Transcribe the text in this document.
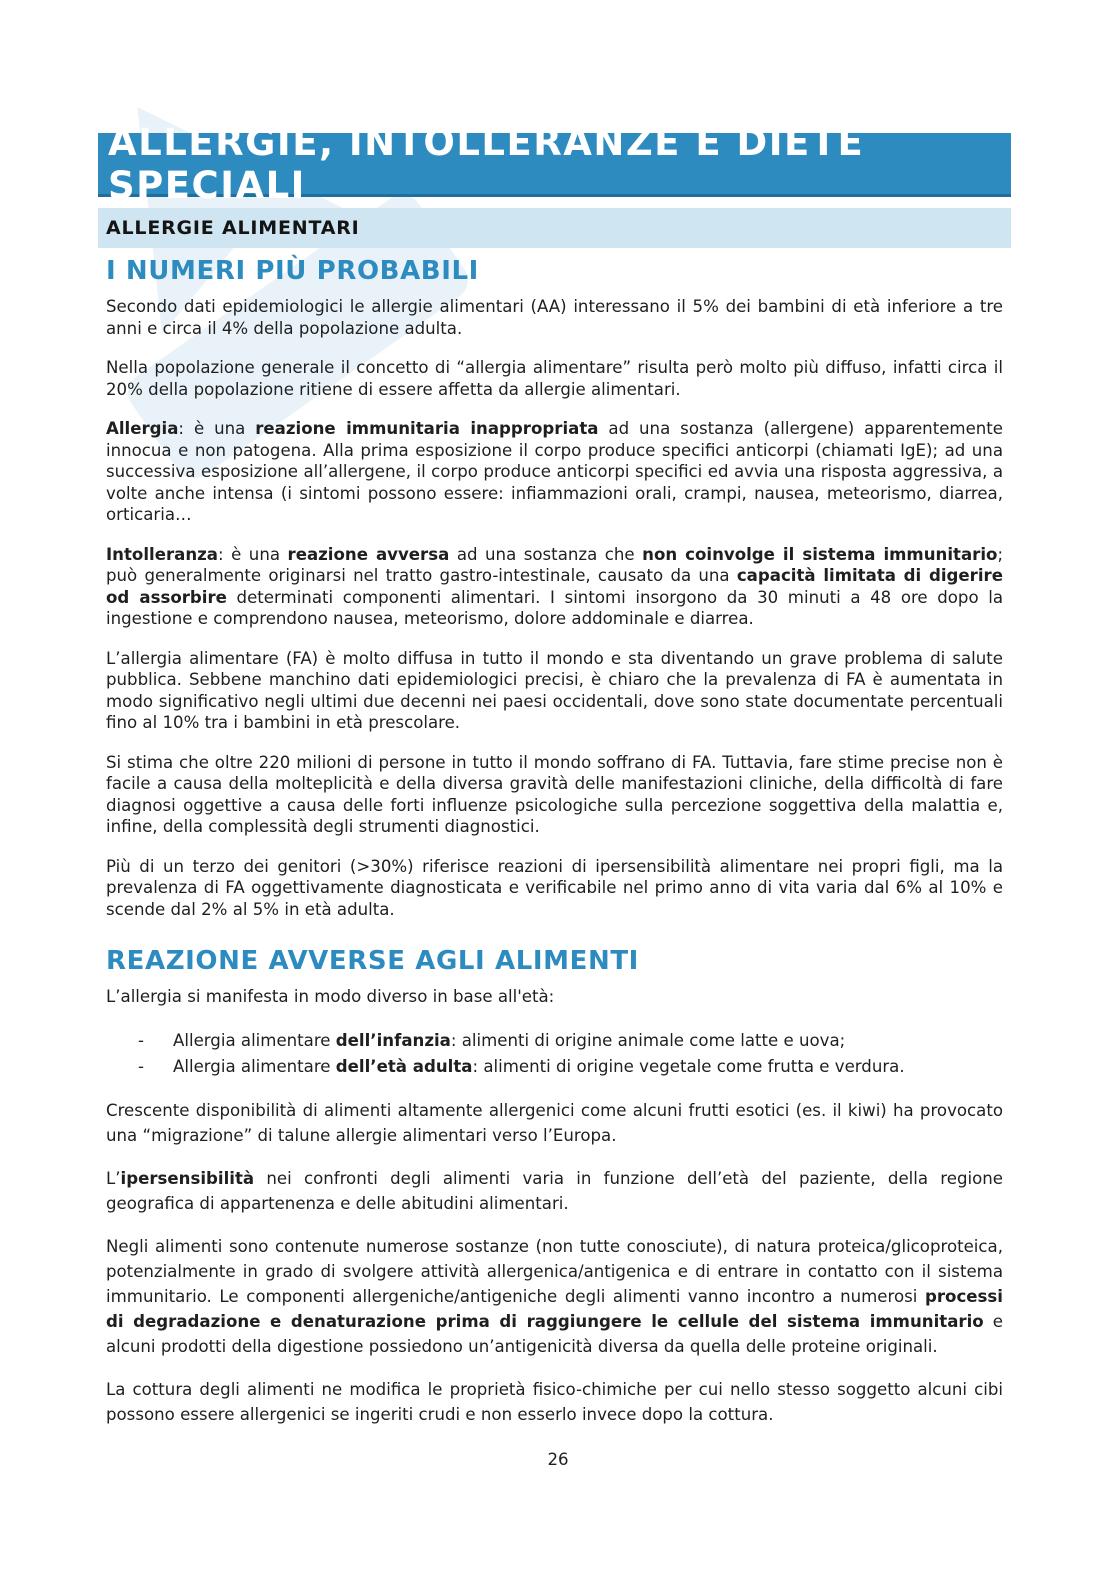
ALLERGIE, INTOLLERANZE E DIETE SPECIALI
ALLERGIE ALIMENTARI
I NUMERI PIÙ PROBABILI

Secondo dati epidemiologici le allergie alimentari (AA) interessano il 5% dei bambini di età inferiore a tre anni e circa il 4% della popolazione adulta.

Nella popolazione generale il concetto di “allergia alimentare” risulta però molto più diffuso, infatti circa il 20% della popolazione ritiene di essere affetta da allergie alimentari.

Allergia: è una reazione immunitaria inappropriata ad una sostanza (allergene) apparentemente innocua e non patogena. Alla prima esposizione il corpo produce specifici anticorpi (chiamati IgE); ad una successiva esposizione all’allergene, il corpo produce anticorpi specifici ed avvia una risposta aggressiva, a volte anche intensa (i sintomi possono essere: infiammazioni orali, crampi, nausea, meteorismo, diarrea, orticaria…

Intolleranza: è una reazione avversa ad una sostanza che non coinvolge il sistema immunitario; può generalmente originarsi nel tratto gastro-intestinale, causato da una capacità limitata di digerire od assorbire determinati componenti alimentari. I sintomi insorgono da 30 minuti a 48 ore dopo la ingestione e comprendono nausea, meteorismo, dolore addominale e diarrea.

L’allergia alimentare (FA) è molto diffusa in tutto il mondo e sta diventando un grave problema di salute pubblica. Sebbene manchino dati epidemiologici precisi, è chiaro che la prevalenza di FA è aumentata in modo significativo negli ultimi due decenni nei paesi occidentali, dove sono state documentate percentuali fino al 10% tra i bambini in età prescolare.

Si stima che oltre 220 milioni di persone in tutto il mondo soffrano di FA. Tuttavia, fare stime precise non è facile a causa della molteplicità e della diversa gravità delle manifestazioni cliniche, della difficoltà di fare diagnosi oggettive a causa delle forti influenze psicologiche sulla percezione soggettiva della malattia e, infine, della complessità degli strumenti diagnostici.

Più di un terzo dei genitori (>30%) riferisce reazioni di ipersensibilità alimentare nei propri figli, ma la prevalenza di FA oggettivamente diagnosticata e verificabile nel primo anno di vita varia dal 6% al 10% e scende dal 2% al 5% in età adulta.

REAZIONE AVVERSE AGLI ALIMENTI

L’allergia si manifesta in modo diverso in base all'età:

- Allergia alimentare dell’infanzia: alimenti di origine animale come latte e uova;
- Allergia alimentare dell’età adulta: alimenti di origine vegetale come frutta e verdura.

Crescente disponibilità di alimenti altamente allergenici come alcuni frutti esotici (es. il kiwi) ha provocato una “migrazione” di talune allergie alimentari verso l’Europa.

L’ipersensibilità nei confronti degli alimenti varia in funzione dell’età del paziente, della regione geografica di appartenenza e delle abitudini alimentari.

Negli alimenti sono contenute numerose sostanze (non tutte conosciute), di natura proteica/glicoproteica, potenzialmente in grado di svolgere attività allergenica/antigenica e di entrare in contatto con il sistema immunitario. Le componenti allergeniche/antigeniche degli alimenti vanno incontro a numerosi processi di degradazione e denaturazione prima di raggiungere le cellule del sistema immunitario e alcuni prodotti della digestione possiedono un’antigenicità diversa da quella delle proteine originali.

La cottura degli alimenti ne modifica le proprietà fisico-chimiche per cui nello stesso soggetto alcuni cibi possono essere allergenici se ingeriti crudi e non esserlo invece dopo la cottura.

26
